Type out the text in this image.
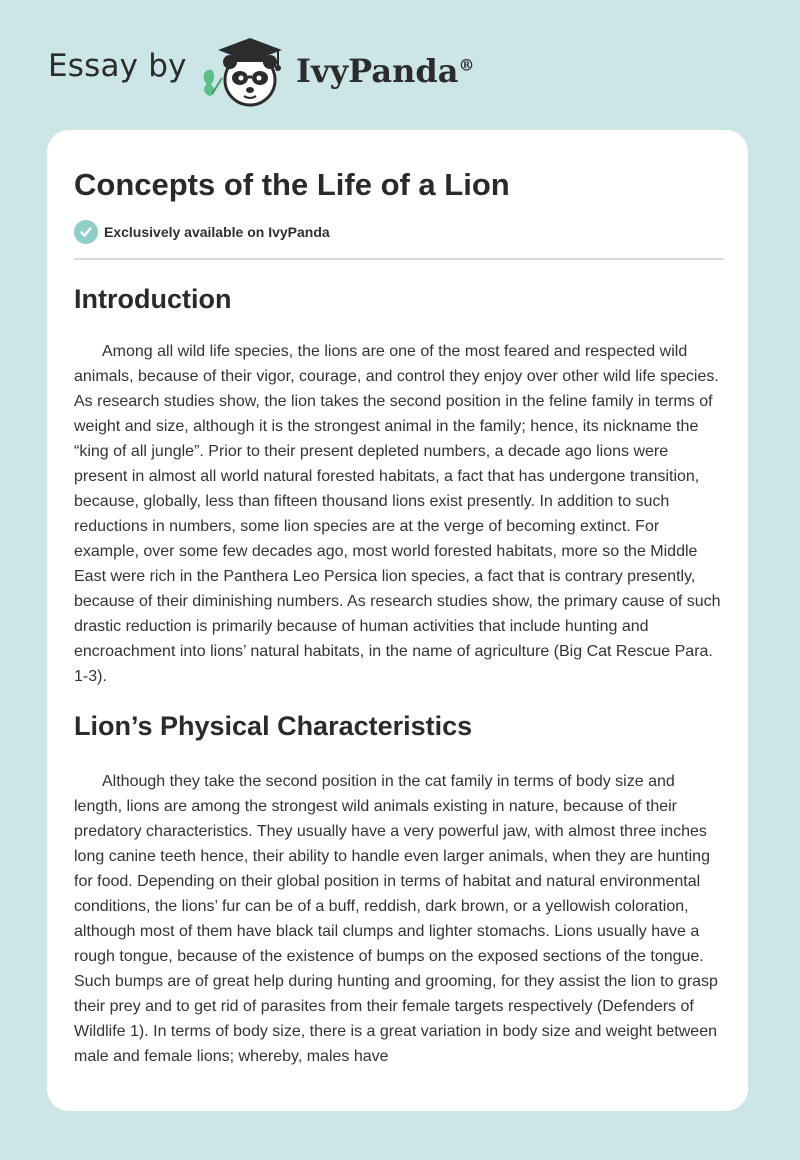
Essay by	IvyPanda®
Concepts of the Life of a Lion
Exclusively available on IvyPanda
Introduction

Among all wild life species, the lions are one of the most feared and respected wild animals, because of their vigor, courage, and control they enjoy over other wild life species. As research studies show, the lion takes the second position in the feline family in terms of weight and size, although it is the strongest animal in the family; hence, its nickname the “king of all jungle”. Prior to their present depleted numbers, a decade ago lions were present in almost all world natural forested habitats, a fact that has undergone transition, because, globally, less than fifteen thousand lions exist presently. In addition to such reductions in numbers, some lion species are at the verge of becoming extinct. For example, over some few decades ago, most world forested habitats, more so the Middle East were rich in the Panthera Leo Persica lion species, a fact that is contrary presently, because of their diminishing numbers. As research studies show, the primary cause of such drastic reduction is primarily because of human activities that include hunting and encroachment into lions’ natural habitats, in the name of agriculture (Big Cat Rescue Para. 1-3).

Lion’s Physical Characteristics

Although they take the second position in the cat family in terms of body size and length, lions are among the strongest wild animals existing in nature, because of their predatory characteristics. They usually have a very powerful jaw, with almost three inches long canine teeth hence, their ability to handle even larger animals, when they are hunting for food. Depending on their global position in terms of habitat and natural environmental conditions, the lions’ fur can be of a buff, reddish, dark brown, or a yellowish coloration, although most of them have black tail clumps and lighter stomachs. Lions usually have a rough tongue, because of the existence of bumps on the exposed sections of the tongue. Such bumps are of great help during hunting and grooming, for they assist the lion to grasp their prey and to get rid of parasites from their female targets respectively (Defenders of Wildlife 1). In terms of body size, there is a great variation in body size and weight between male and female lions; whereby, males have
